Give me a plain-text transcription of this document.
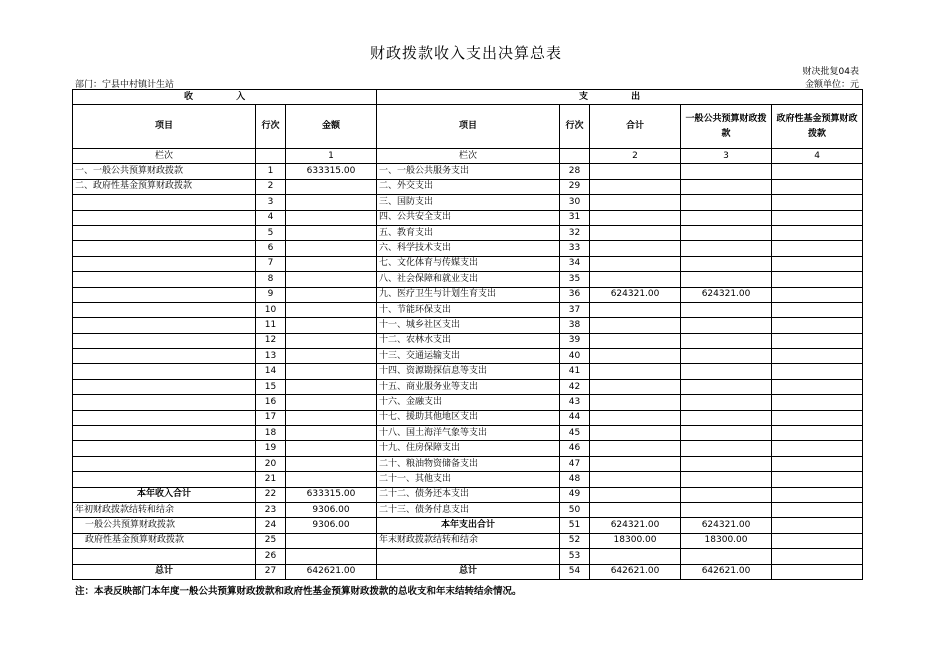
财政拨款收入支出决算总表
财决批复04表
部门：宁县中村镇计生站	金额单位：元
收 入			支 出				
项目	行次	金额	项目	行次	合计	一般公共预算财政拨款	政府性基金预算财政拨款
栏次		1	栏次		2	3	4
一、一般公共预算财政拨款	1	633315.00	一、一般公共服务支出	28			
二、政府性基金预算财政拨款	2		二、外交支出	29			
	3		三、国防支出	30			
	4		四、公共安全支出	31			
	5		五、教育支出	32			
	6		六、科学技术支出	33			
	7		七、文化体育与传媒支出	34			
	8		八、社会保障和就业支出	35			
	9		九、医疗卫生与计划生育支出	36	624321.00	624321.00	
	10		十、节能环保支出	37			
	11		十一、城乡社区支出	38			
	12		十二、农林水支出	39			
	13		十三、交通运输支出	40			
	14		十四、资源勘探信息等支出	41			
	15		十五、商业服务业等支出	42			
	16		十六、金融支出	43			
	17		十七、援助其他地区支出	44			
	18		十八、国土海洋气象等支出	45			
	19		十九、住房保障支出	46			
	20		二十、粮油物资储备支出	47			
	21		二十一、其他支出	48			
本年收入合计	22	633315.00	二十二、债务还本支出	49			
年初财政拨款结转和结余	23	9306.00	二十三、债务付息支出	50			
一般公共预算财政拨款	24	9306.00	本年支出合计	51	624321.00	624321.00	
政府性基金预算财政拨款	25		年末财政拨款结转和结余	52	18300.00	18300.00	
	26			53			
总计	27	642621.00	总计	54	642621.00	642621.00	
注：本表反映部门本年度一般公共预算财政拨款和政府性基金预算财政拨款的总收支和年末结转结余情况。
